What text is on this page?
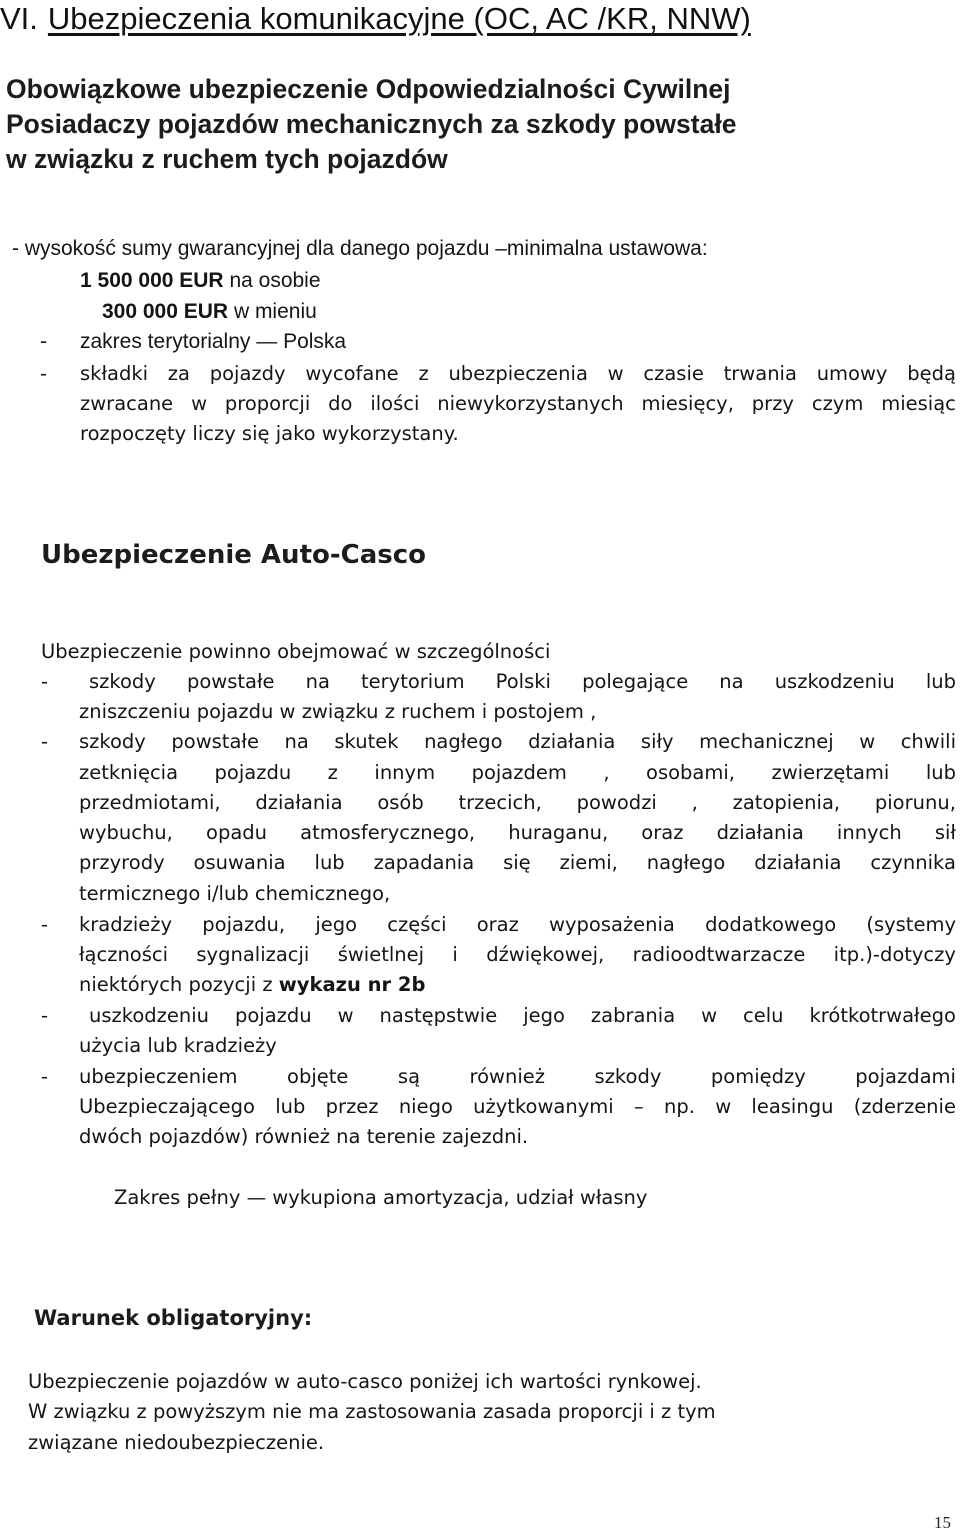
VI. Ubezpieczenia komunikacyjne (OC, AC /KR, NNW)
Obowiązkowe ubezpieczenie Odpowiedzialności Cywilnej
Posiadaczy pojazdów mechanicznych za szkody powstałe
w związku z ruchem tych pojazdów
- wysokość sumy gwarancyjnej dla danego pojazdu –minimalna ustawowa:
1 500 000 EUR na osobie
300 000 EUR w mieniu
- zakres terytorialny — Polska
- składki za pojazdy wycofane z ubezpieczenia w czasie trwania umowy będą
zwracane w proporcji do ilości niewykorzystanych miesięcy, przy czym miesiąc
rozpoczęty liczy się jako wykorzystany.
Ubezpieczenie Auto-Casco
Ubezpieczenie powinno obejmować w szczególności
- szkody powstałe na terytorium Polski polegające na uszkodzeniu lub
zniszczeniu pojazdu w związku z ruchem i postojem ,
- szkody powstałe na skutek nagłego działania siły mechanicznej w chwili
zetknięcia pojazdu z innym pojazdem , osobami, zwierzętami lub
przedmiotami, działania osób trzecich, powodzi , zatopienia, piorunu,
wybuchu, opadu atmosferycznego, huraganu, oraz działania innych sił
przyrody osuwania lub zapadania się ziemi, nagłego działania czynnika
termicznego i/lub chemicznego,
- kradzieży pojazdu, jego części oraz wyposażenia dodatkowego (systemy
łączności sygnalizacji świetlnej i dźwiękowej, radioodtwarzacze itp.)-dotyczy
niektórych pozycji z wykazu nr 2b
- uszkodzeniu pojazdu w następstwie jego zabrania w celu krótkotrwałego
użycia lub kradzieży
- ubezpieczeniem	objęte	są	również	szkody	pomiędzy	pojazdami
Ubezpieczającego lub przez niego użytkowanymi – np. w leasingu (zderzenie
dwóch pojazdów) również na terenie zajezdni.
Zakres pełny — wykupiona amortyzacja, udział własny
Warunek obligatoryjny:
Ubezpieczenie pojazdów w auto-casco poniżej ich wartości rynkowej.
W związku z powyższym nie ma zastosowania zasada proporcji i z tym
związane niedoubezpieczenie.
15
